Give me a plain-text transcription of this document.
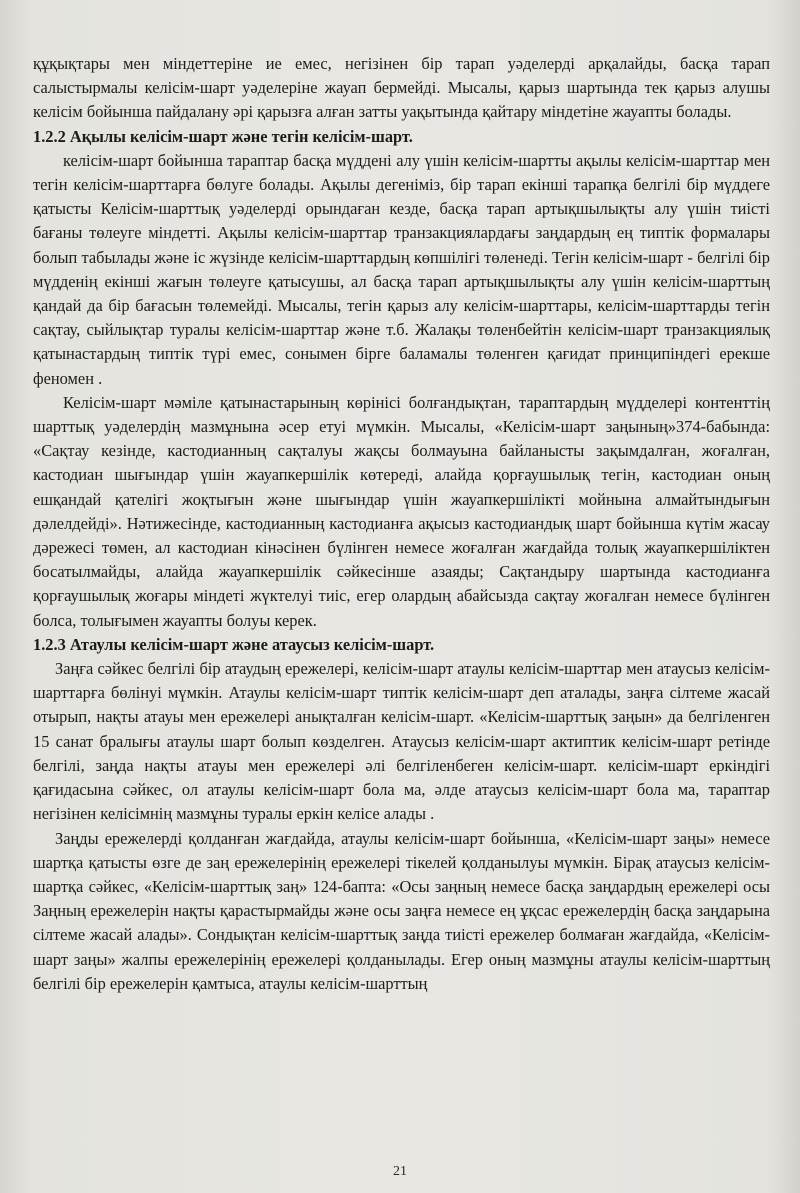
құқықтары мен міндеттеріне ие емес, негізінен бір тарап уәделерді арқалайды, басқа тарап салыстырмалы келісім-шарт уәделеріне жауап бермейді. Мысалы, қарыз шартында тек қарыз алушы келісім бойынша пайдалану әрі қарызға алған затты уақытында қайтару міндетіне жауапты болады.

1.2.2 Ақылы келісім-шарт және тегін келісім-шарт.

келісім-шарт бойынша тараптар басқа мүддені алу үшін келісім-шартты ақылы келісім-шарттар мен тегін келісім-шарттарға бөлуге болады. Ақылы дегеніміз, бір тарап екінші тарапқа белгілі бір мүддеге қатысты Келісім-шарттық уәделерді орындаған кезде, басқа тарап артықшылықты алу үшін тиісті бағаны төлеуге міндетті. Ақылы келісім-шарттар транзакциялардағы заңдардың ең типтік формалары болып табылады және іс жүзінде келісім-шарттардың көпшілігі төленеді. Тегін келісім-шарт - белгілі бір мүдденің екінші жағын төлеуге қатысушы, ал басқа тарап артықшылықты алу үшін келісім-шарттың қандай да бір бағасын төлемейді. Мысалы, тегін қарыз алу келісім-шарттары, келісім-шарттарды тегін сақтау, сыйлықтар туралы келісім-шарттар және т.б. Жалақы төленбейтін келісім-шарт транзакциялық қатынастардың типтік түрі емес, сонымен бірге баламалы төленген қағидат принципіндегі ерекше феномен .

Келісім-шарт мәміле қатынастарының көрінісі болғандықтан, тараптардың мүдделері контенттің шарттық уәделердің мазмұнына әсер етуі мүмкін. Мысалы, «Келісім-шарт заңының»374-бабында: «Сақтау кезінде, кастодианның сақталуы жақсы болмауына байланысты зақымдалған, жоғалған, кастодиан шығындар үшін жауапкершілік көтереді, алайда қорғаушылық тегін, кастодиан оның ешқандай қателігі жоқтығын және шығындар үшін жауапкершілікті мойнына алмайтындығын дәлелдейді». Нәтижесінде, кастодианның кастодианға ақысыз кастодиандық шарт бойынша күтім жасау дәрежесі төмен, ал кастодиан кінәсінен бүлінген немесе жоғалған жағдайда толық жауапкершіліктен босатылмайды, алайда жауапкершілік сәйкесінше азаяды; Сақтандыру шартында кастодианға қорғаушылық жоғары міндеті жүктелуі тиіс, егер олардың абайсызда сақтау жоғалған немесе бүлінген болса, толығымен жауапты болуы керек.

1.2.3 Атаулы келісім-шарт және атаусыз келісім-шарт.

Заңға сәйкес белгілі бір атаудың ережелері, келісім-шарт атаулы келісім-шарттар мен атаусыз келісім-шарттарға бөлінуі мүмкін. Атаулы келісім-шарт типтік келісім-шарт деп аталады, заңға сілтеме жасай отырып, нақты атауы мен ережелері анықталған келісім-шарт. «Келісім-шарттық заңын» да белгіленген 15 санат бралығы атаулы шарт болып көзделген. Атаусыз келісім-шарт актиптик келісім-шарт ретінде белгілі, заңда нақты атауы мен ережелері әлі белгіленбеген келісім-шарт. келісім-шарт еркіндігі қағидасына сәйкес, ол атаулы келісім-шарт бола ма, әлде атаусыз келісім-шарт бола ма, тараптар негізінен келісімнің мазмұны туралы еркін келісе алады .

Заңды ережелерді қолданған жағдайда, атаулы келісім-шарт бойынша, «Келісім-шарт заңы» немесе шартқа қатысты өзге де заң ережелерінің ережелері тікелей қолданылуы мүмкін. Бірақ атаусыз келісім-шартқа сәйкес, «Келісім-шарттық заң» 124-бапта: «Осы заңның немесе басқа заңдардың ережелері осы Заңның ережелерін нақты қарастырмайды және осы заңға немесе ең ұқсас ережелердің басқа заңдарына сілтеме жасай алады». Сондықтан келісім-шарттық заңда тиісті ережелер болмаған жағдайда, «Келісім-шарт заңы» жалпы ережелерінің ережелері қолданылады. Егер оның мазмұны атаулы келісім-шарттың белгілі бір ережелерін қамтыса, атаулы келісім-шарттың

21
